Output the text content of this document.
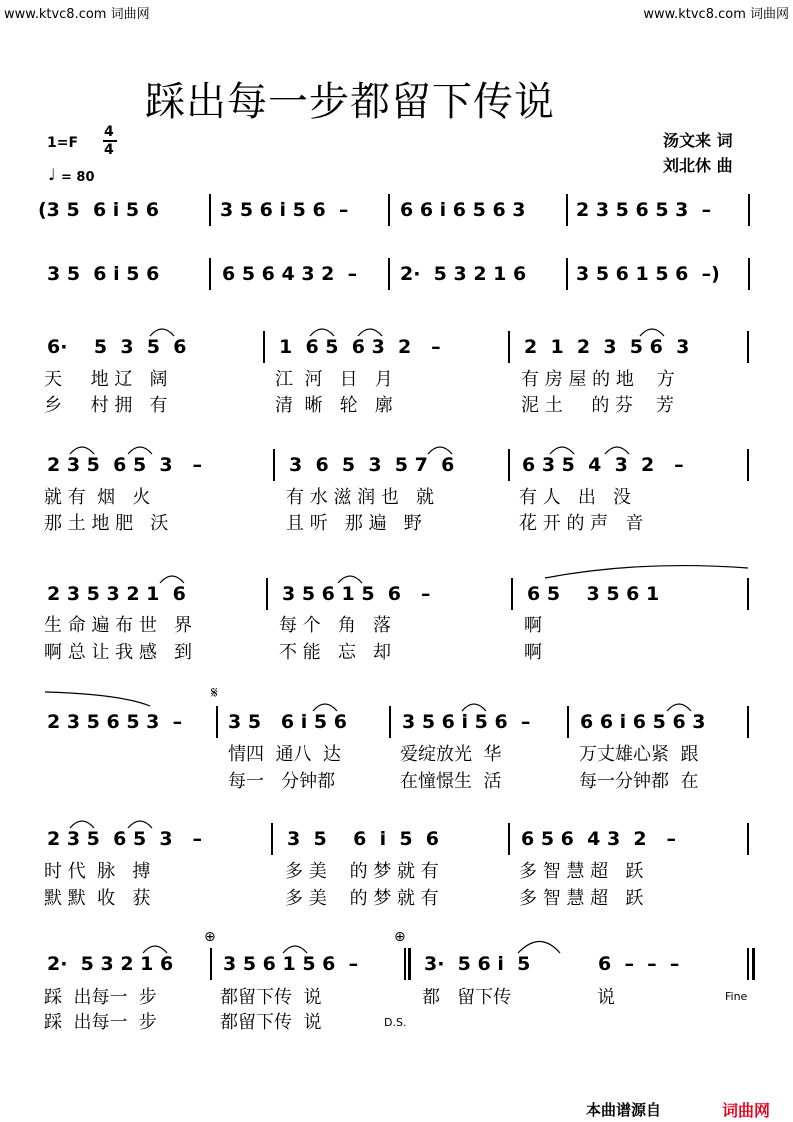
www.ktvc8.com 词曲网	www.ktvc8.com 词曲网
踩出每一步都留下传说
1=F
4
4
♩ = 80
汤文来 词
刘北休 曲
(3 5  6 i 5 6	3 5 6 i 5 6  –	6 6 i 6 5 6 3	2 3 5 6 5 3  –
3 5  6 i 5 6	6 5 6 4 3 2  – 2·  5 3 2 1 6	3 5 6 1 5 6  –)
6·    5  3  5  6	1  6 5  6 3  2   –	2  1  2  3  5 6  3
天     地 辽   阔	江  河   日   月	有 房 屋 的 地    方
乡     村 拥   有	清  晰   轮   廓	泥 土     的 芬    芳
2 3 5  6 5  3   –	3  6  5  3  5 7  6	6 3 5  4  3  2   –
就 有  烟   火	有 水 滋 润 也   就	有 人   出   没
那 土 地 肥   沃	且 听   那 遍   野	花 开 的 声   音
2 3 5 3 2 1  6	3 5 6 1 5  6   –	6 5    3 5 6 1
生 命 遍 布 世   界	每 个   角   落	啊
啊 总 让 我 感   到	不 能   忘   却	啊
𝄋
2 3 5 6 5 3  – 3 5   6 i 5 6	3 5 6 i 5 6  –	6 6 i 6 5 6 3
情四  通八  达	爱绽放光  华	万丈雄心紧  跟
每一   分钟都	在憧憬生  活	每一分钟都  在
2 3 5  6 5  3   –	3  5    6  i  5  6	6 5 6  4 3  2   –
时 代  脉   搏	多 美    的 梦 就 有	多 智 慧 超   跃
默 默  收   获	多 美    的 梦 就 有	多 智 慧 超   跃
⊕	⊕
2·  5 3 2 1 6	3 5 6 1 5 6  –	3·  5 6 i  5	6  –  –  –
踩  出每一  步	都留下传  说	都   留下传	说
踩  出每一  步	都留下传  说	D.S.
Fine
本曲谱源自	词曲网
